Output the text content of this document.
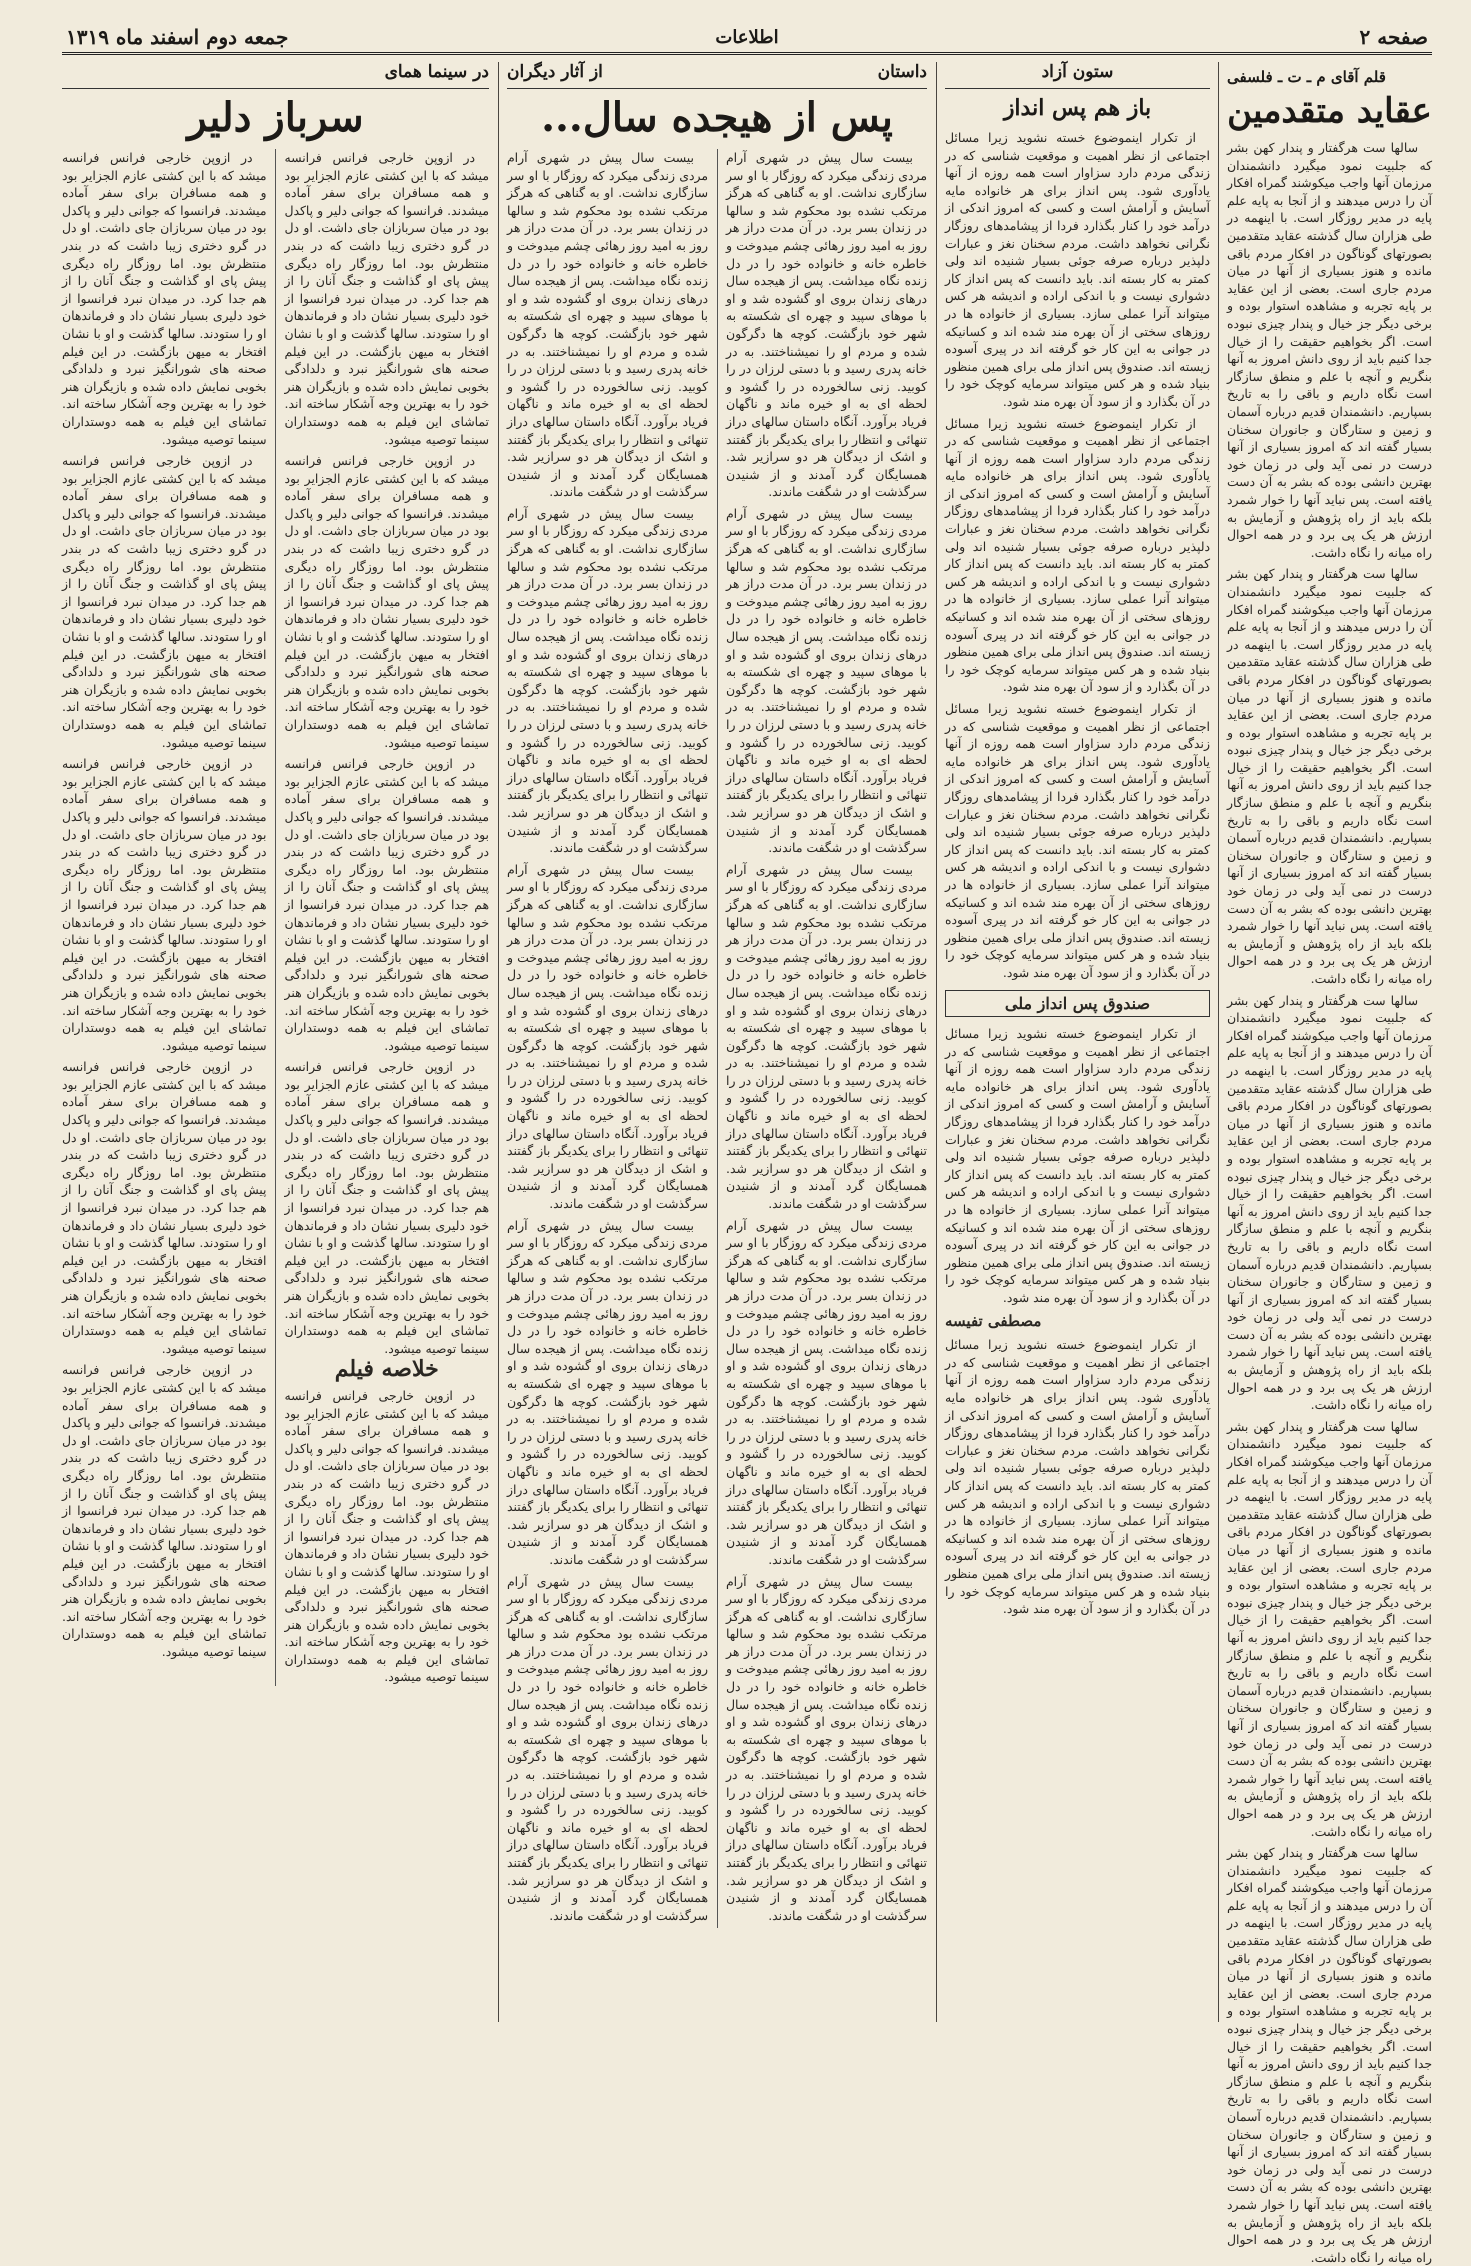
صفحه ۲
اطلاعات
جمعه دوم اسفند ماه ۱۳۱۹
قلم آقای م ـ ت ـ فلسفی
عقاید متقدمین

سالها ست هرگفتار و پندار کهن بشر که جلبیت نمود میگیرد دانشمندان مرزمان آنها واجب میکوشند گمراه افکار آن را درس میدهند و از آنجا به پایه علم پایه در مدیر روزگار است. با اینهمه در طی هزاران سال گذشته عقاید متقدمین بصورتهای گوناگون در افکار مردم باقی مانده و هنوز بسیاری از آنها در میان مردم جاری است. بعضی از این عقاید بر پایه تجربه و مشاهده استوار بوده و برخی دیگر جز خیال و پندار چیزی نبوده است. اگر بخواهیم حقیقت را از خیال جدا کنیم باید از روی دانش امروز به آنها بنگریم و آنچه با علم و منطق سازگار است نگاه داریم و باقی را به تاریخ بسپاریم. دانشمندان قدیم درباره آسمان و زمین و ستارگان و جانوران سخنان بسیار گفته اند که امروز بسیاری از آنها درست در نمی آید ولی در زمان خود بهترین دانشی بوده که بشر به آن دست یافته است. پس نباید آنها را خوار شمرد بلکه باید از راه پژوهش و آزمایش به ارزش هر یک پی برد و در همه احوال راه میانه را نگاه داشت.

سالها ست هرگفتار و پندار کهن بشر که جلبیت نمود میگیرد دانشمندان مرزمان آنها واجب میکوشند گمراه افکار آن را درس میدهند و از آنجا به پایه علم پایه در مدیر روزگار است. با اینهمه در طی هزاران سال گذشته عقاید متقدمین بصورتهای گوناگون در افکار مردم باقی مانده و هنوز بسیاری از آنها در میان مردم جاری است. بعضی از این عقاید بر پایه تجربه و مشاهده استوار بوده و برخی دیگر جز خیال و پندار چیزی نبوده است. اگر بخواهیم حقیقت را از خیال جدا کنیم باید از روی دانش امروز به آنها بنگریم و آنچه با علم و منطق سازگار است نگاه داریم و باقی را به تاریخ بسپاریم. دانشمندان قدیم درباره آسمان و زمین و ستارگان و جانوران سخنان بسیار گفته اند که امروز بسیاری از آنها درست در نمی آید ولی در زمان خود بهترین دانشی بوده که بشر به آن دست یافته است. پس نباید آنها را خوار شمرد بلکه باید از راه پژوهش و آزمایش به ارزش هر یک پی برد و در همه احوال راه میانه را نگاه داشت.

سالها ست هرگفتار و پندار کهن بشر که جلبیت نمود میگیرد دانشمندان مرزمان آنها واجب میکوشند گمراه افکار آن را درس میدهند و از آنجا به پایه علم پایه در مدیر روزگار است. با اینهمه در طی هزاران سال گذشته عقاید متقدمین بصورتهای گوناگون در افکار مردم باقی مانده و هنوز بسیاری از آنها در میان مردم جاری است. بعضی از این عقاید بر پایه تجربه و مشاهده استوار بوده و برخی دیگر جز خیال و پندار چیزی نبوده است. اگر بخواهیم حقیقت را از خیال جدا کنیم باید از روی دانش امروز به آنها بنگریم و آنچه با علم و منطق سازگار است نگاه داریم و باقی را به تاریخ بسپاریم. دانشمندان قدیم درباره آسمان و زمین و ستارگان و جانوران سخنان بسیار گفته اند که امروز بسیاری از آنها درست در نمی آید ولی در زمان خود بهترین دانشی بوده که بشر به آن دست یافته است. پس نباید آنها را خوار شمرد بلکه باید از راه پژوهش و آزمایش به ارزش هر یک پی برد و در همه احوال راه میانه را نگاه داشت.

سالها ست هرگفتار و پندار کهن بشر که جلبیت نمود میگیرد دانشمندان مرزمان آنها واجب میکوشند گمراه افکار آن را درس میدهند و از آنجا به پایه علم پایه در مدیر روزگار است. با اینهمه در طی هزاران سال گذشته عقاید متقدمین بصورتهای گوناگون در افکار مردم باقی مانده و هنوز بسیاری از آنها در میان مردم جاری است. بعضی از این عقاید بر پایه تجربه و مشاهده استوار بوده و برخی دیگر جز خیال و پندار چیزی نبوده است. اگر بخواهیم حقیقت را از خیال جدا کنیم باید از روی دانش امروز به آنها بنگریم و آنچه با علم و منطق سازگار است نگاه داریم و باقی را به تاریخ بسپاریم. دانشمندان قدیم درباره آسمان و زمین و ستارگان و جانوران سخنان بسیار گفته اند که امروز بسیاری از آنها درست در نمی آید ولی در زمان خود بهترین دانشی بوده که بشر به آن دست یافته است. پس نباید آنها را خوار شمرد بلکه باید از راه پژوهش و آزمایش به ارزش هر یک پی برد و در همه احوال راه میانه را نگاه داشت.

سالها ست هرگفتار و پندار کهن بشر که جلبیت نمود میگیرد دانشمندان مرزمان آنها واجب میکوشند گمراه افکار آن را درس میدهند و از آنجا به پایه علم پایه در مدیر روزگار است. با اینهمه در طی هزاران سال گذشته عقاید متقدمین بصورتهای گوناگون در افکار مردم باقی مانده و هنوز بسیاری از آنها در میان مردم جاری است. بعضی از این عقاید بر پایه تجربه و مشاهده استوار بوده و برخی دیگر جز خیال و پندار چیزی نبوده است. اگر بخواهیم حقیقت را از خیال جدا کنیم باید از روی دانش امروز به آنها بنگریم و آنچه با علم و منطق سازگار است نگاه داریم و باقی را به تاریخ بسپاریم. دانشمندان قدیم درباره آسمان و زمین و ستارگان و جانوران سخنان بسیار گفته اند که امروز بسیاری از آنها درست در نمی آید ولی در زمان خود بهترین دانشی بوده که بشر به آن دست یافته است. پس نباید آنها را خوار شمرد بلکه باید از راه پژوهش و آزمایش به ارزش هر یک پی برد و در همه احوال راه میانه را نگاه داشت.

ستون آزاد
باز هم پس انداز

از تکرار اینموضوع خسته نشوید زیرا مسائل اجتماعی از نظر اهمیت و موقعیت شناسی که در زندگی مردم دارد سزاوار است همه روزه از آنها یادآوری شود. پس انداز برای هر خانواده مایه آسایش و آرامش است و کسی که امروز اندکی از درآمد خود را کنار بگذارد فردا از پیشامدهای روزگار نگرانی نخواهد داشت. مردم سخنان نغز و عبارات دلپذیر درباره صرفه جوئی بسیار شنیده اند ولی کمتر به کار بسته اند. باید دانست که پس انداز کار دشواری نیست و با اندکی اراده و اندیشه هر کس میتواند آنرا عملی سازد. بسیاری از خانواده ها در روزهای سختی از آن بهره مند شده اند و کسانیکه در جوانی به این کار خو گرفته اند در پیری آسوده زیسته اند. صندوق پس انداز ملی برای همین منظور بنیاد شده و هر کس میتواند سرمایه کوچک خود را در آن بگذارد و از سود آن بهره مند شود.

از تکرار اینموضوع خسته نشوید زیرا مسائل اجتماعی از نظر اهمیت و موقعیت شناسی که در زندگی مردم دارد سزاوار است همه روزه از آنها یادآوری شود. پس انداز برای هر خانواده مایه آسایش و آرامش است و کسی که امروز اندکی از درآمد خود را کنار بگذارد فردا از پیشامدهای روزگار نگرانی نخواهد داشت. مردم سخنان نغز و عبارات دلپذیر درباره صرفه جوئی بسیار شنیده اند ولی کمتر به کار بسته اند. باید دانست که پس انداز کار دشواری نیست و با اندکی اراده و اندیشه هر کس میتواند آنرا عملی سازد. بسیاری از خانواده ها در روزهای سختی از آن بهره مند شده اند و کسانیکه در جوانی به این کار خو گرفته اند در پیری آسوده زیسته اند. صندوق پس انداز ملی برای همین منظور بنیاد شده و هر کس میتواند سرمایه کوچک خود را در آن بگذارد و از سود آن بهره مند شود.

از تکرار اینموضوع خسته نشوید زیرا مسائل اجتماعی از نظر اهمیت و موقعیت شناسی که در زندگی مردم دارد سزاوار است همه روزه از آنها یادآوری شود. پس انداز برای هر خانواده مایه آسایش و آرامش است و کسی که امروز اندکی از درآمد خود را کنار بگذارد فردا از پیشامدهای روزگار نگرانی نخواهد داشت. مردم سخنان نغز و عبارات دلپذیر درباره صرفه جوئی بسیار شنیده اند ولی کمتر به کار بسته اند. باید دانست که پس انداز کار دشواری نیست و با اندکی اراده و اندیشه هر کس میتواند آنرا عملی سازد. بسیاری از خانواده ها در روزهای سختی از آن بهره مند شده اند و کسانیکه در جوانی به این کار خو گرفته اند در پیری آسوده زیسته اند. صندوق پس انداز ملی برای همین منظور بنیاد شده و هر کس میتواند سرمایه کوچک خود را در آن بگذارد و از سود آن بهره مند شود.

صندوق پس انداز ملی

از تکرار اینموضوع خسته نشوید زیرا مسائل اجتماعی از نظر اهمیت و موقعیت شناسی که در زندگی مردم دارد سزاوار است همه روزه از آنها یادآوری شود. پس انداز برای هر خانواده مایه آسایش و آرامش است و کسی که امروز اندکی از درآمد خود را کنار بگذارد فردا از پیشامدهای روزگار نگرانی نخواهد داشت. مردم سخنان نغز و عبارات دلپذیر درباره صرفه جوئی بسیار شنیده اند ولی کمتر به کار بسته اند. باید دانست که پس انداز کار دشواری نیست و با اندکی اراده و اندیشه هر کس میتواند آنرا عملی سازد. بسیاری از خانواده ها در روزهای سختی از آن بهره مند شده اند و کسانیکه در جوانی به این کار خو گرفته اند در پیری آسوده زیسته اند. صندوق پس انداز ملی برای همین منظور بنیاد شده و هر کس میتواند سرمایه کوچک خود را در آن بگذارد و از سود آن بهره مند شود.

مصطفی تفیسه

از تکرار اینموضوع خسته نشوید زیرا مسائل اجتماعی از نظر اهمیت و موقعیت شناسی که در زندگی مردم دارد سزاوار است همه روزه از آنها یادآوری شود. پس انداز برای هر خانواده مایه آسایش و آرامش است و کسی که امروز اندکی از درآمد خود را کنار بگذارد فردا از پیشامدهای روزگار نگرانی نخواهد داشت. مردم سخنان نغز و عبارات دلپذیر درباره صرفه جوئی بسیار شنیده اند ولی کمتر به کار بسته اند. باید دانست که پس انداز کار دشواری نیست و با اندکی اراده و اندیشه هر کس میتواند آنرا عملی سازد. بسیاری از خانواده ها در روزهای سختی از آن بهره مند شده اند و کسانیکه در جوانی به این کار خو گرفته اند در پیری آسوده زیسته اند. صندوق پس انداز ملی برای همین منظور بنیاد شده و هر کس میتواند سرمایه کوچک خود را در آن بگذارد و از سود آن بهره مند شود.

داستان
از آثار دیگران
پس از هیجده سال...

بیست سال پیش در شهری آرام مردی زندگی میکرد که روزگار با او سر سازگاری نداشت. او به گناهی که هرگز مرتکب نشده بود محکوم شد و سالها در زندان بسر برد. در آن مدت دراز هر روز به امید روز رهائی چشم میدوخت و خاطره خانه و خانواده خود را در دل زنده نگاه میداشت. پس از هیجده سال درهای زندان بروی او گشوده شد و او با موهای سپید و چهره ای شکسته به شهر خود بازگشت. کوچه ها دگرگون شده و مردم او را نمیشناختند. به در خانه پدری رسید و با دستی لرزان در را کوبید. زنی سالخورده در را گشود و لحظه ای به او خیره ماند و ناگهان فریاد برآورد. آنگاه داستان سالهای دراز تنهائی و انتظار را برای یکدیگر باز گفتند و اشک از دیدگان هر دو سرازیر شد. همسایگان گرد آمدند و از شنیدن سرگذشت او در شگفت ماندند.

بیست سال پیش در شهری آرام مردی زندگی میکرد که روزگار با او سر سازگاری نداشت. او به گناهی که هرگز مرتکب نشده بود محکوم شد و سالها در زندان بسر برد. در آن مدت دراز هر روز به امید روز رهائی چشم میدوخت و خاطره خانه و خانواده خود را در دل زنده نگاه میداشت. پس از هیجده سال درهای زندان بروی او گشوده شد و او با موهای سپید و چهره ای شکسته به شهر خود بازگشت. کوچه ها دگرگون شده و مردم او را نمیشناختند. به در خانه پدری رسید و با دستی لرزان در را کوبید. زنی سالخورده در را گشود و لحظه ای به او خیره ماند و ناگهان فریاد برآورد. آنگاه داستان سالهای دراز تنهائی و انتظار را برای یکدیگر باز گفتند و اشک از دیدگان هر دو سرازیر شد. همسایگان گرد آمدند و از شنیدن سرگذشت او در شگفت ماندند.

بیست سال پیش در شهری آرام مردی زندگی میکرد که روزگار با او سر سازگاری نداشت. او به گناهی که هرگز مرتکب نشده بود محکوم شد و سالها در زندان بسر برد. در آن مدت دراز هر روز به امید روز رهائی چشم میدوخت و خاطره خانه و خانواده خود را در دل زنده نگاه میداشت. پس از هیجده سال درهای زندان بروی او گشوده شد و او با موهای سپید و چهره ای شکسته به شهر خود بازگشت. کوچه ها دگرگون شده و مردم او را نمیشناختند. به در خانه پدری رسید و با دستی لرزان در را کوبید. زنی سالخورده در را گشود و لحظه ای به او خیره ماند و ناگهان فریاد برآورد. آنگاه داستان سالهای دراز تنهائی و انتظار را برای یکدیگر باز گفتند و اشک از دیدگان هر دو سرازیر شد. همسایگان گرد آمدند و از شنیدن سرگذشت او در شگفت ماندند.

بیست سال پیش در شهری آرام مردی زندگی میکرد که روزگار با او سر سازگاری نداشت. او به گناهی که هرگز مرتکب نشده بود محکوم شد و سالها در زندان بسر برد. در آن مدت دراز هر روز به امید روز رهائی چشم میدوخت و خاطره خانه و خانواده خود را در دل زنده نگاه میداشت. پس از هیجده سال درهای زندان بروی او گشوده شد و او با موهای سپید و چهره ای شکسته به شهر خود بازگشت. کوچه ها دگرگون شده و مردم او را نمیشناختند. به در خانه پدری رسید و با دستی لرزان در را کوبید. زنی سالخورده در را گشود و لحظه ای به او خیره ماند و ناگهان فریاد برآورد. آنگاه داستان سالهای دراز تنهائی و انتظار را برای یکدیگر باز گفتند و اشک از دیدگان هر دو سرازیر شد. همسایگان گرد آمدند و از شنیدن سرگذشت او در شگفت ماندند.

بیست سال پیش در شهری آرام مردی زندگی میکرد که روزگار با او سر سازگاری نداشت. او به گناهی که هرگز مرتکب نشده بود محکوم شد و سالها در زندان بسر برد. در آن مدت دراز هر روز به امید روز رهائی چشم میدوخت و خاطره خانه و خانواده خود را در دل زنده نگاه میداشت. پس از هیجده سال درهای زندان بروی او گشوده شد و او با موهای سپید و چهره ای شکسته به شهر خود بازگشت. کوچه ها دگرگون شده و مردم او را نمیشناختند. به در خانه پدری رسید و با دستی لرزان در را کوبید. زنی سالخورده در را گشود و لحظه ای به او خیره ماند و ناگهان فریاد برآورد. آنگاه داستان سالهای دراز تنهائی و انتظار را برای یکدیگر باز گفتند و اشک از دیدگان هر دو سرازیر شد. همسایگان گرد آمدند و از شنیدن سرگذشت او در شگفت ماندند.

بیست سال پیش در شهری آرام مردی زندگی میکرد که روزگار با او سر سازگاری نداشت. او به گناهی که هرگز مرتکب نشده بود محکوم شد و سالها در زندان بسر برد. در آن مدت دراز هر روز به امید روز رهائی چشم میدوخت و خاطره خانه و خانواده خود را در دل زنده نگاه میداشت. پس از هیجده سال درهای زندان بروی او گشوده شد و او با موهای سپید و چهره ای شکسته به شهر خود بازگشت. کوچه ها دگرگون شده و مردم او را نمیشناختند. به در خانه پدری رسید و با دستی لرزان در را کوبید. زنی سالخورده در را گشود و لحظه ای به او خیره ماند و ناگهان فریاد برآورد. آنگاه داستان سالهای دراز تنهائی و انتظار را برای یکدیگر باز گفتند و اشک از دیدگان هر دو سرازیر شد. همسایگان گرد آمدند و از شنیدن سرگذشت او در شگفت ماندند.

بیست سال پیش در شهری آرام مردی زندگی میکرد که روزگار با او سر سازگاری نداشت. او به گناهی که هرگز مرتکب نشده بود محکوم شد و سالها در زندان بسر برد. در آن مدت دراز هر روز به امید روز رهائی چشم میدوخت و خاطره خانه و خانواده خود را در دل زنده نگاه میداشت. پس از هیجده سال درهای زندان بروی او گشوده شد و او با موهای سپید و چهره ای شکسته به شهر خود بازگشت. کوچه ها دگرگون شده و مردم او را نمیشناختند. به در خانه پدری رسید و با دستی لرزان در را کوبید. زنی سالخورده در را گشود و لحظه ای به او خیره ماند و ناگهان فریاد برآورد. آنگاه داستان سالهای دراز تنهائی و انتظار را برای یکدیگر باز گفتند و اشک از دیدگان هر دو سرازیر شد. همسایگان گرد آمدند و از شنیدن سرگذشت او در شگفت ماندند.

بیست سال پیش در شهری آرام مردی زندگی میکرد که روزگار با او سر سازگاری نداشت. او به گناهی که هرگز مرتکب نشده بود محکوم شد و سالها در زندان بسر برد. در آن مدت دراز هر روز به امید روز رهائی چشم میدوخت و خاطره خانه و خانواده خود را در دل زنده نگاه میداشت. پس از هیجده سال درهای زندان بروی او گشوده شد و او با موهای سپید و چهره ای شکسته به شهر خود بازگشت. کوچه ها دگرگون شده و مردم او را نمیشناختند. به در خانه پدری رسید و با دستی لرزان در را کوبید. زنی سالخورده در را گشود و لحظه ای به او خیره ماند و ناگهان فریاد برآورد. آنگاه داستان سالهای دراز تنهائی و انتظار را برای یکدیگر باز گفتند و اشک از دیدگان هر دو سرازیر شد. همسایگان گرد آمدند و از شنیدن سرگذشت او در شگفت ماندند.

بیست سال پیش در شهری آرام مردی زندگی میکرد که روزگار با او سر سازگاری نداشت. او به گناهی که هرگز مرتکب نشده بود محکوم شد و سالها در زندان بسر برد. در آن مدت دراز هر روز به امید روز رهائی چشم میدوخت و خاطره خانه و خانواده خود را در دل زنده نگاه میداشت. پس از هیجده سال درهای زندان بروی او گشوده شد و او با موهای سپید و چهره ای شکسته به شهر خود بازگشت. کوچه ها دگرگون شده و مردم او را نمیشناختند. به در خانه پدری رسید و با دستی لرزان در را کوبید. زنی سالخورده در را گشود و لحظه ای به او خیره ماند و ناگهان فریاد برآورد. آنگاه داستان سالهای دراز تنهائی و انتظار را برای یکدیگر باز گفتند و اشک از دیدگان هر دو سرازیر شد. همسایگان گرد آمدند و از شنیدن سرگذشت او در شگفت ماندند.

بیست سال پیش در شهری آرام مردی زندگی میکرد که روزگار با او سر سازگاری نداشت. او به گناهی که هرگز مرتکب نشده بود محکوم شد و سالها در زندان بسر برد. در آن مدت دراز هر روز به امید روز رهائی چشم میدوخت و خاطره خانه و خانواده خود را در دل زنده نگاه میداشت. پس از هیجده سال درهای زندان بروی او گشوده شد و او با موهای سپید و چهره ای شکسته به شهر خود بازگشت. کوچه ها دگرگون شده و مردم او را نمیشناختند. به در خانه پدری رسید و با دستی لرزان در را کوبید. زنی سالخورده در را گشود و لحظه ای به او خیره ماند و ناگهان فریاد برآورد. آنگاه داستان سالهای دراز تنهائی و انتظار را برای یکدیگر باز گفتند و اشک از دیدگان هر دو سرازیر شد. همسایگان گرد آمدند و از شنیدن سرگذشت او در شگفت ماندند.

در سینما همای
سرباز دلیر

در ازوپن خارجی فرانس فرانسه میشد که با این کشتی عازم الجزایر بود و همه مسافران برای سفر آماده میشدند. فرانسوا که جوانی دلیر و پاکدل بود در میان سربازان جای داشت. او دل در گرو دختری زیبا داشت که در بندر منتظرش بود. اما روزگار راه دیگری پیش پای او گذاشت و جنگ آنان را از هم جدا کرد. در میدان نبرد فرانسوا از خود دلیری بسیار نشان داد و فرماندهان او را ستودند. سالها گذشت و او با نشان افتخار به میهن بازگشت. در این فیلم صحنه های شورانگیز نبرد و دلدادگی بخوبی نمایش داده شده و بازیگران هنر خود را به بهترین وجه آشکار ساخته اند. تماشای این فیلم به همه دوستداران سینما توصیه میشود.

در ازوپن خارجی فرانس فرانسه میشد که با این کشتی عازم الجزایر بود و همه مسافران برای سفر آماده میشدند. فرانسوا که جوانی دلیر و پاکدل بود در میان سربازان جای داشت. او دل در گرو دختری زیبا داشت که در بندر منتظرش بود. اما روزگار راه دیگری پیش پای او گذاشت و جنگ آنان را از هم جدا کرد. در میدان نبرد فرانسوا از خود دلیری بسیار نشان داد و فرماندهان او را ستودند. سالها گذشت و او با نشان افتخار به میهن بازگشت. در این فیلم صحنه های شورانگیز نبرد و دلدادگی بخوبی نمایش داده شده و بازیگران هنر خود را به بهترین وجه آشکار ساخته اند. تماشای این فیلم به همه دوستداران سینما توصیه میشود.

در ازوپن خارجی فرانس فرانسه میشد که با این کشتی عازم الجزایر بود و همه مسافران برای سفر آماده میشدند. فرانسوا که جوانی دلیر و پاکدل بود در میان سربازان جای داشت. او دل در گرو دختری زیبا داشت که در بندر منتظرش بود. اما روزگار راه دیگری پیش پای او گذاشت و جنگ آنان را از هم جدا کرد. در میدان نبرد فرانسوا از خود دلیری بسیار نشان داد و فرماندهان او را ستودند. سالها گذشت و او با نشان افتخار به میهن بازگشت. در این فیلم صحنه های شورانگیز نبرد و دلدادگی بخوبی نمایش داده شده و بازیگران هنر خود را به بهترین وجه آشکار ساخته اند. تماشای این فیلم به همه دوستداران سینما توصیه میشود.

در ازوپن خارجی فرانس فرانسه میشد که با این کشتی عازم الجزایر بود و همه مسافران برای سفر آماده میشدند. فرانسوا که جوانی دلیر و پاکدل بود در میان سربازان جای داشت. او دل در گرو دختری زیبا داشت که در بندر منتظرش بود. اما روزگار راه دیگری پیش پای او گذاشت و جنگ آنان را از هم جدا کرد. در میدان نبرد فرانسوا از خود دلیری بسیار نشان داد و فرماندهان او را ستودند. سالها گذشت و او با نشان افتخار به میهن بازگشت. در این فیلم صحنه های شورانگیز نبرد و دلدادگی بخوبی نمایش داده شده و بازیگران هنر خود را به بهترین وجه آشکار ساخته اند. تماشای این فیلم به همه دوستداران سینما توصیه میشود.

خلاصه فیلم

در ازوپن خارجی فرانس فرانسه میشد که با این کشتی عازم الجزایر بود و همه مسافران برای سفر آماده میشدند. فرانسوا که جوانی دلیر و پاکدل بود در میان سربازان جای داشت. او دل در گرو دختری زیبا داشت که در بندر منتظرش بود. اما روزگار راه دیگری پیش پای او گذاشت و جنگ آنان را از هم جدا کرد. در میدان نبرد فرانسوا از خود دلیری بسیار نشان داد و فرماندهان او را ستودند. سالها گذشت و او با نشان افتخار به میهن بازگشت. در این فیلم صحنه های شورانگیز نبرد و دلدادگی بخوبی نمایش داده شده و بازیگران هنر خود را به بهترین وجه آشکار ساخته اند. تماشای این فیلم به همه دوستداران سینما توصیه میشود.

در ازوپن خارجی فرانس فرانسه میشد که با این کشتی عازم الجزایر بود و همه مسافران برای سفر آماده میشدند. فرانسوا که جوانی دلیر و پاکدل بود در میان سربازان جای داشت. او دل در گرو دختری زیبا داشت که در بندر منتظرش بود. اما روزگار راه دیگری پیش پای او گذاشت و جنگ آنان را از هم جدا کرد. در میدان نبرد فرانسوا از خود دلیری بسیار نشان داد و فرماندهان او را ستودند. سالها گذشت و او با نشان افتخار به میهن بازگشت. در این فیلم صحنه های شورانگیز نبرد و دلدادگی بخوبی نمایش داده شده و بازیگران هنر خود را به بهترین وجه آشکار ساخته اند. تماشای این فیلم به همه دوستداران سینما توصیه میشود.

در ازوپن خارجی فرانس فرانسه میشد که با این کشتی عازم الجزایر بود و همه مسافران برای سفر آماده میشدند. فرانسوا که جوانی دلیر و پاکدل بود در میان سربازان جای داشت. او دل در گرو دختری زیبا داشت که در بندر منتظرش بود. اما روزگار راه دیگری پیش پای او گذاشت و جنگ آنان را از هم جدا کرد. در میدان نبرد فرانسوا از خود دلیری بسیار نشان داد و فرماندهان او را ستودند. سالها گذشت و او با نشان افتخار به میهن بازگشت. در این فیلم صحنه های شورانگیز نبرد و دلدادگی بخوبی نمایش داده شده و بازیگران هنر خود را به بهترین وجه آشکار ساخته اند. تماشای این فیلم به همه دوستداران سینما توصیه میشود.

در ازوپن خارجی فرانس فرانسه میشد که با این کشتی عازم الجزایر بود و همه مسافران برای سفر آماده میشدند. فرانسوا که جوانی دلیر و پاکدل بود در میان سربازان جای داشت. او دل در گرو دختری زیبا داشت که در بندر منتظرش بود. اما روزگار راه دیگری پیش پای او گذاشت و جنگ آنان را از هم جدا کرد. در میدان نبرد فرانسوا از خود دلیری بسیار نشان داد و فرماندهان او را ستودند. سالها گذشت و او با نشان افتخار به میهن بازگشت. در این فیلم صحنه های شورانگیز نبرد و دلدادگی بخوبی نمایش داده شده و بازیگران هنر خود را به بهترین وجه آشکار ساخته اند. تماشای این فیلم به همه دوستداران سینما توصیه میشود.

در ازوپن خارجی فرانس فرانسه میشد که با این کشتی عازم الجزایر بود و همه مسافران برای سفر آماده میشدند. فرانسوا که جوانی دلیر و پاکدل بود در میان سربازان جای داشت. او دل در گرو دختری زیبا داشت که در بندر منتظرش بود. اما روزگار راه دیگری پیش پای او گذاشت و جنگ آنان را از هم جدا کرد. در میدان نبرد فرانسوا از خود دلیری بسیار نشان داد و فرماندهان او را ستودند. سالها گذشت و او با نشان افتخار به میهن بازگشت. در این فیلم صحنه های شورانگیز نبرد و دلدادگی بخوبی نمایش داده شده و بازیگران هنر خود را به بهترین وجه آشکار ساخته اند. تماشای این فیلم به همه دوستداران سینما توصیه میشود.

در ازوپن خارجی فرانس فرانسه میشد که با این کشتی عازم الجزایر بود و همه مسافران برای سفر آماده میشدند. فرانسوا که جوانی دلیر و پاکدل بود در میان سربازان جای داشت. او دل در گرو دختری زیبا داشت که در بندر منتظرش بود. اما روزگار راه دیگری پیش پای او گذاشت و جنگ آنان را از هم جدا کرد. در میدان نبرد فرانسوا از خود دلیری بسیار نشان داد و فرماندهان او را ستودند. سالها گذشت و او با نشان افتخار به میهن بازگشت. در این فیلم صحنه های شورانگیز نبرد و دلدادگی بخوبی نمایش داده شده و بازیگران هنر خود را به بهترین وجه آشکار ساخته اند. تماشای این فیلم به همه دوستداران سینما توصیه میشود.
